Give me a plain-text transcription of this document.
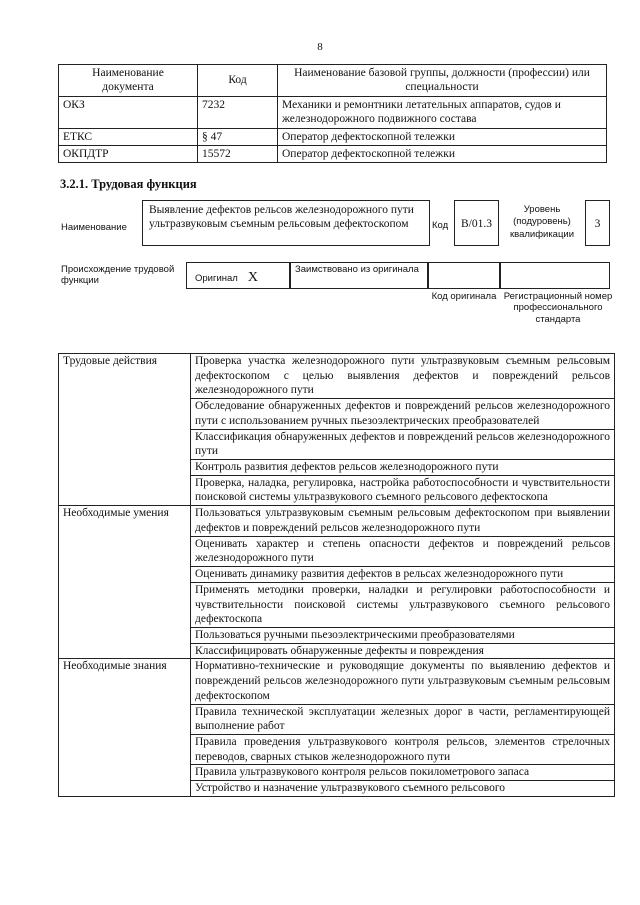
8
Наименование документа	Код	Наименование базовой группы, должности (профессии) или специальности
ОКЗ	7232	Механики и ремонтники летательных аппаратов, судов и железнодорожного подвижного состава
ЕТКС	§ 47	Оператор дефектоскопной тележки
ОКПДТР	15572	Оператор дефектоскопной тележки
3.2.1. Трудовая функция
Наименование
Выявление дефектов рельсов железнодорожного пути ультразвуковым съемным рельсовым дефектоскопом	Код	B/01.3
Уровень (подуровень) квалификации
3
Происхождение трудовой функции	Оригинал X
Заимствовано из оригинала
Код оригинала Регистрационный номер профессионального стандарта
Трудовые действия	Проверка участка железнодорожного пути ультразвуковым съемным рельсовым дефектоскопом с целью выявления дефектов и повреждений рельсов железнодорожного пути
	Обследование обнаруженных дефектов и повреждений рельсов железнодорожного пути с использованием ручных пьезоэлектрических преобразователей
	Классификация обнаруженных дефектов и повреждений рельсов железнодорожного пути
	Контроль развития дефектов рельсов железнодорожного пути
	Проверка, наладка, регулировка, настройка работоспособности и чувствительности поисковой системы ультразвукового съемного рельсового дефектоскопа
Необходимые умения	Пользоваться ультразвуковым съемным рельсовым дефектоскопом при выявлении дефектов и повреждений рельсов железнодорожного пути
	Оценивать характер и степень опасности дефектов и повреждений рельсов железнодорожного пути
	Оценивать динамику развития дефектов в рельсах железнодорожного пути
	Применять методики проверки, наладки и регулировки работоспособности и чувствительности поисковой системы ультразвукового съемного рельсового дефектоскопа
	Пользоваться ручными пьезоэлектрическими преобразователями
	Классифицировать обнаруженные дефекты и повреждения
Необходимые знания	Нормативно-технические и руководящие документы по выявлению дефектов и повреждений рельсов железнодорожного пути ультразвуковым съемным рельсовым дефектоскопом
	Правила технической эксплуатации железных дорог в части, регламентирующей выполнение работ
	Правила проведения ультразвукового контроля рельсов, элементов стрелочных переводов, сварных стыков железнодорожного пути
	Правила ультразвукового контроля рельсов покилометрового запаса
	Устройство и назначение ультразвукового съемного рельсового
